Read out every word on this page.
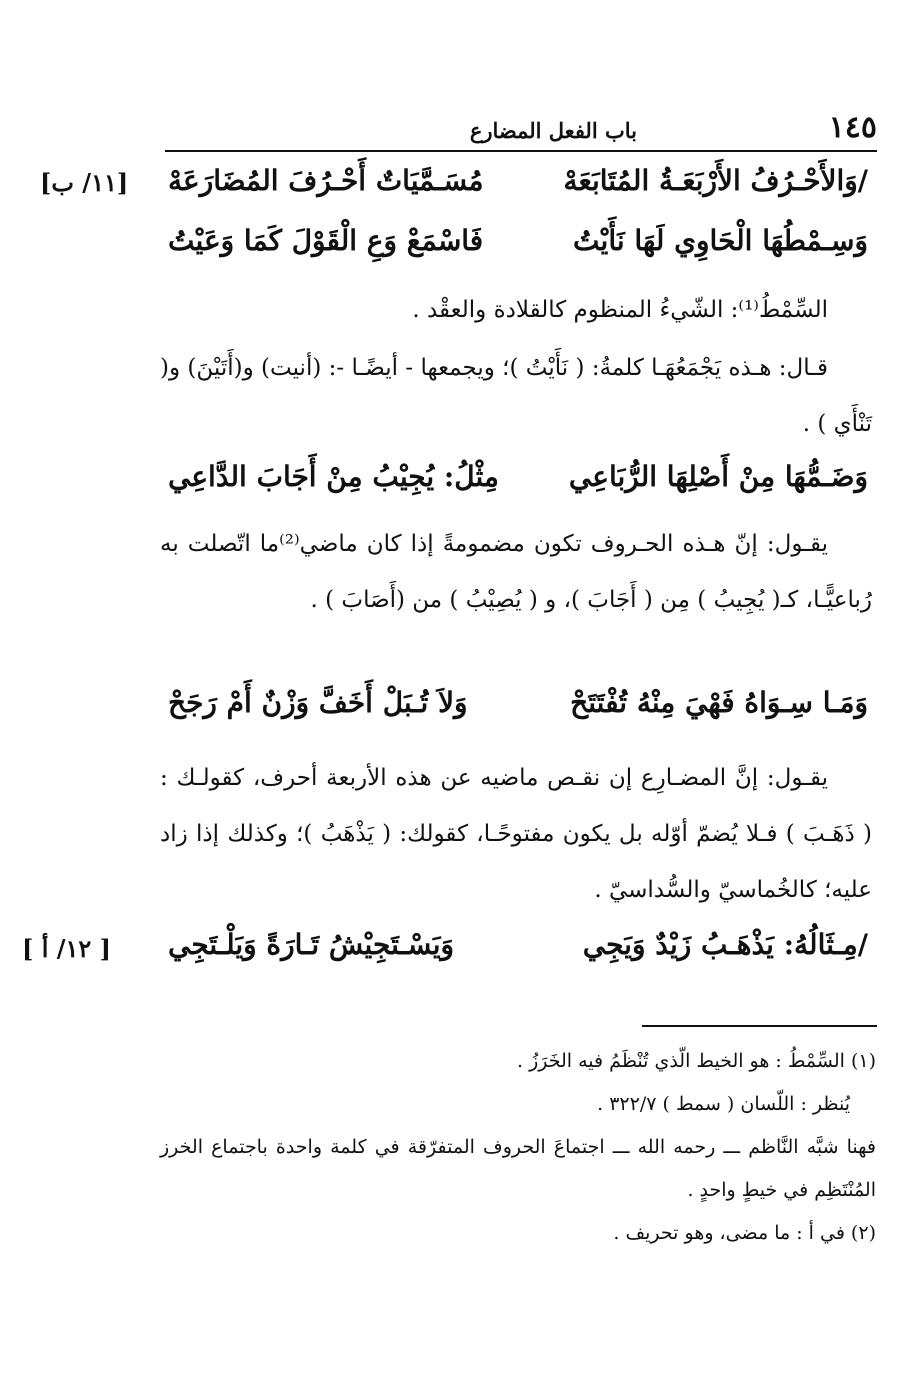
١٤٥
باب الفعل المضارع
[١١/ ب]	/وَالأَحْـرُفُ الأَرْبَعَـةُ المُتَابَعَهْ
مُسَـمَّيَاتٌ أَحْـرُفَ المُضَارَعَهْ
وَسِـمْطُهَا الْحَاوِي لَهَا نَأَيْتُ
فَاسْمَعْ وَعِ الْقَوْلَ كَمَا وَعَيْتُ
السِّمْطُ⁽¹⁾: الشّيءُ المنظوم كالقلادة والعقْد .
قـال: هـذه يَجْمَعُهَـا كلمةُ: ( نَأَيْتُ )؛ ويجمعها - أيضًـا -: (أنيت) و(أَتَيْنَ) و( تَنْأَي ) .
وَضَـمُّهَا مِنْ أَصْلِهَا الرُّبَاعِي
مِثْلُ: يُجِيْبُ مِنْ أَجَابَ الدَّاعِي
يقـول: إنّ هـذه الحـروف تكون مضمومةً إذا كان ماضي⁽²⁾ما اتّصلت به رُباعيًّـا، كـ( يُجِيبُ ) مِن ( أَجَابَ )، و ( يُصِيْبُ ) من (أَصَابَ ) .
وَمَـا سِـوَاهُ فَهْيَ مِنْهُ تُفْتَتَحْ
وَلاَ تُـبَلْ أَخَفَّ وَزْنٌ أَمْ رَجَحْ
يقـول: إنَّ المضـارِع إن نقـص ماضيه عن هذه الأربعة أحرف، كقولـك : ( ذَهَـبَ ) فـلا يُضمّ أوّله بل يكون مفتوحًـا، كقولك: ( يَذْهَبُ )؛ وكذلك إذا زاد عليه؛ كالخُماسيّ والسُّداسيّ .
/مِـثَالُهُ: يَذْهَـبُ زَيْدٌ وَيَجِي
وَيَسْـتَجِيْشُ تَـارَةً وَيَلْـتَجِي
[ ١٢/ أ ]
(١) السِّمْطُ : هو الخيط الّذي تُنْظَمُ فيه الخَرَزُ .
يُنظر : اللّسان ( سمط ) ٣٢٢/٧ .
فهنا شبَّه النَّاظم ـــ رحمه الله ـــ اجتماعَ الحروف المتفرّقة في كلمة واحدة باجتماع الخرز المُنْتَظِم في خيطٍ واحدٍ .
(٢) في أ : ما مضى، وهو تحريف .
